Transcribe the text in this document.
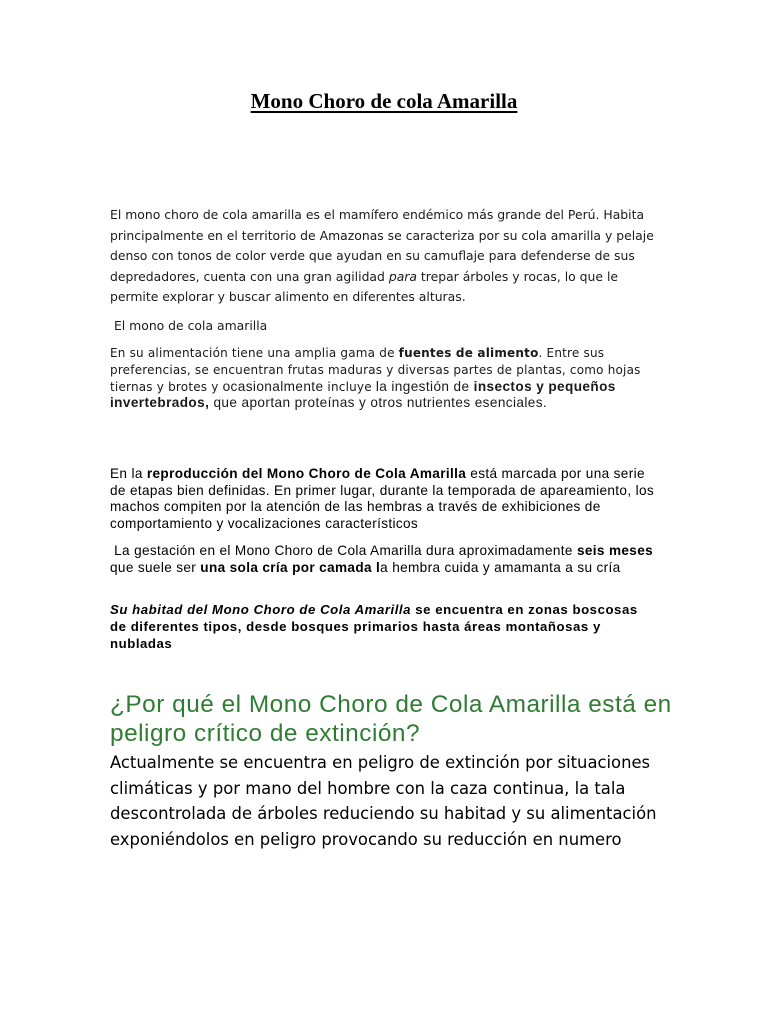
Mono Choro de cola Amarilla

El mono choro de cola amarilla es el mamífero endémico más grande del Perú. Habita principalmente en el territorio de Amazonas se caracteriza por su cola amarilla y pelaje denso con tonos de color verde que ayudan en su camuflaje para defenderse de sus depredadores, cuenta con una gran agilidad para trepar árboles y rocas, lo que le permite explorar y buscar alimento en diferentes alturas.

El mono de cola amarilla

En su alimentación tiene una amplia gama de fuentes de alimento. Entre sus preferencias, se encuentran frutas maduras y diversas partes de plantas, como hojas tiernas y brotes y ocasionalmente incluye la ingestión de insectos y pequeños invertebrados, que aportan proteínas y otros nutrientes esenciales.

En la reproducción del Mono Choro de Cola Amarilla está marcada por una serie de etapas bien definidas. En primer lugar, durante la temporada de apareamiento, los machos compiten por la atención de las hembras a través de exhibiciones de comportamiento y vocalizaciones característicos

La gestación en el Mono Choro de Cola Amarilla dura aproximadamente seis meses que suele ser una sola cría por camada la hembra cuida y amamanta a su cría

Su habitad del Mono Choro de Cola Amarilla se encuentra en zonas boscosas de diferentes tipos, desde bosques primarios hasta áreas montañosas y nubladas

¿Por qué el Mono Choro de Cola Amarilla está en peligro crítico de extinción?

Actualmente se encuentra en peligro de extinción por situaciones climáticas y por mano del hombre con la caza continua, la tala descontrolada de árboles reduciendo su habitad y su alimentación exponiéndolos en peligro provocando su reducción en numero
